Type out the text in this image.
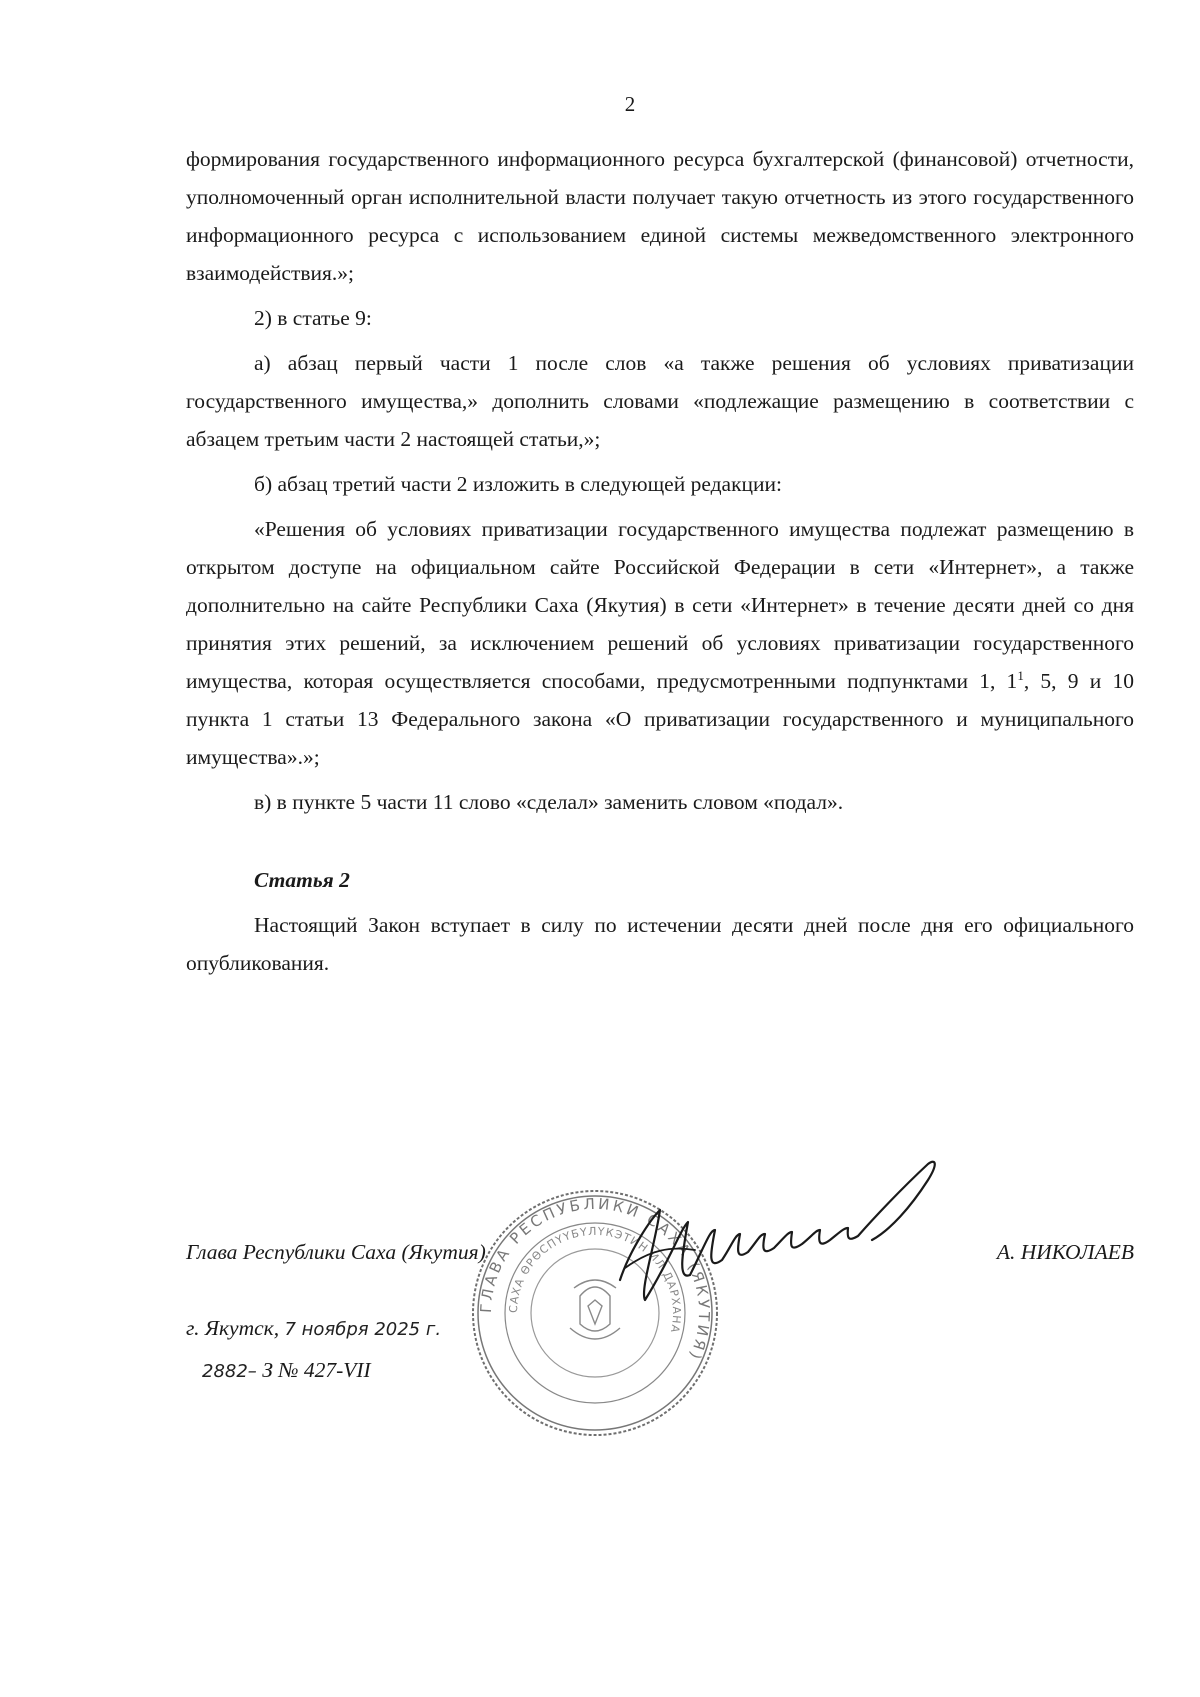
2

формирования государственного информационного ресурса бухгалтерской (финансовой) отчетности, уполномоченный орган исполнительной власти получает такую отчетность из этого государственного информационного ресурса с использованием единой системы межведомственного электронного взаимодействия.»;

2) в статье 9:

а) абзац первый части 1 после слов «а также решения об условиях приватизации государственного имущества,» дополнить словами «подлежащие размещению в соответствии с абзацем третьим части 2 настоящей статьи,»;

б) абзац третий части 2 изложить в следующей редакции:

«Решения об условиях приватизации государственного имущества подлежат размещению в открытом доступе на официальном сайте Российской Федерации в сети «Интернет», а также дополнительно на сайте Республики Саха (Якутия) в сети «Интернет» в течение десяти дней со дня принятия этих решений, за исключением решений об условиях приватизации государственного имущества, которая осуществляется способами, предусмотренными подпунктами 1, $1^1$, 5, 9 и 10 пункта 1 статьи 13 Федерального закона «О приватизации государственного и муниципального имущества».»;

в) в пункте 5 части 11 слово «сделал» заменить словом «подал».

Статья 2

Настоящий Закон вступает в силу по истечении десяти дней после дня его официального опубликования.

ГЛАВА РЕСПУБЛИКИ САХА (ЯКУТИЯ)
САХА ӨРӨСПҮҮБҮЛҮКЭТИН ИЛ ДАРХАНА
Глава Республики Саха (Якутия)	А. НИКОЛАЕВ
г. Якутск, 7 ноября 2025 г.
2882– З № 427-VII
